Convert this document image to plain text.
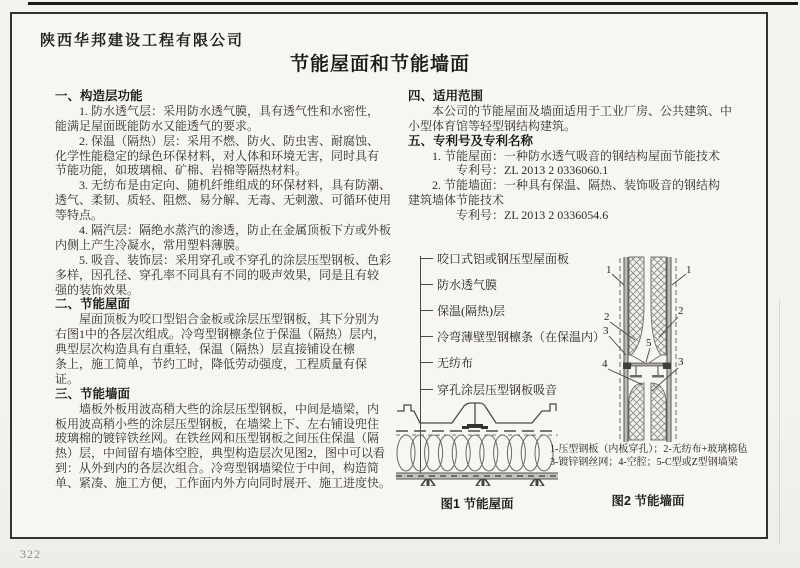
陕西华邦建设工程有限公司
节能屋面和节能墙面
一、构造层功能
　　1. 防水透气层：采用防水透气膜，具有透气性和水密性，
能满足屋面既能防水又能透气的要求。
　　2. 保温（隔热）层：采用不燃、防火、防虫害、耐腐蚀、
化学性能稳定的绿色环保材料，对人体和环境无害，同时具有
节能功能，如玻璃棉、矿棉、岩棉等隔热材料。
　　3. 无纺布是由定向、随机纤维组成的环保材料，具有防潮、
透气、柔韧、质轻、阻燃、易分解、无毒、无刺激、可循环使用
等特点。
　　4. 隔汽层：隔绝水蒸汽的渗透，防止在金属顶板下方或外板
内侧上产生冷凝水，常用塑料薄膜。
　　5. 吸音、装饰层：采用穿孔或不穿孔的涂层压型钢板、色彩
多样，因孔径、穿孔率不同具有不同的吸声效果，同是且有较
强的装饰效果。
二、节能屋面
　　屋面顶板为咬口型铝合金板或涂层压型钢板，其下分别为
右图1中的各层次组成。冷弯型钢檩条位于保温（隔热）层内，
典型层次构造具有自重轻，保温（隔热）层直接铺设在檩
条上，施工简单，节约工时，降低劳动强度，工程质量有保
证。
三、节能墙面
　　墙板外板用波高稍大些的涂层压型钢板，中间是墙梁，内
板用波高稍小些的涂层压型钢板，在墙梁上下、左右铺设兜住
玻璃棉的镀锌铁丝网。在铁丝网和压型钢板之间压住保温（隔
热）层，中间留有墙体空腔，典型构造层次见图2，图中可以看
到：从外到内的各层次组合。冷弯型钢墙梁位于中间，构造简
单、紧凑、施工方便，工作面内外方向同时展开、施工进度快。
四、适用范围
　　本公司的节能屋面及墙面适用于工业厂房、公共建筑、中
小型体育馆等轻型钢结构建筑。
五、专利号及专利名称
　　1. 节能屋面：一种防水透气吸音的钢结构屋面节能技术
　　　　专利号：ZL 2013 2 0336060.1
　　2. 节能墙面：一种具有保温、隔热、装饰吸音的钢结构
建筑墙体节能技术
　　　　专利号：ZL 2013 2 0336054.6
咬口式铝或钢压型屋面板
防水透气膜
保温(隔热)层
冷弯薄壁型钢檩条（在保温内）
无纺布
穿孔涂层压型钢板吸音
图1 节能屋面
1	1
2	2
3
5
4	3
1-压型钢板（内板穿孔）；2-无纺布+玻璃棉毡
3-镀锌钢丝网；4-空腔；5-C型或Z型钢墙梁
图2 节能墙面
322
